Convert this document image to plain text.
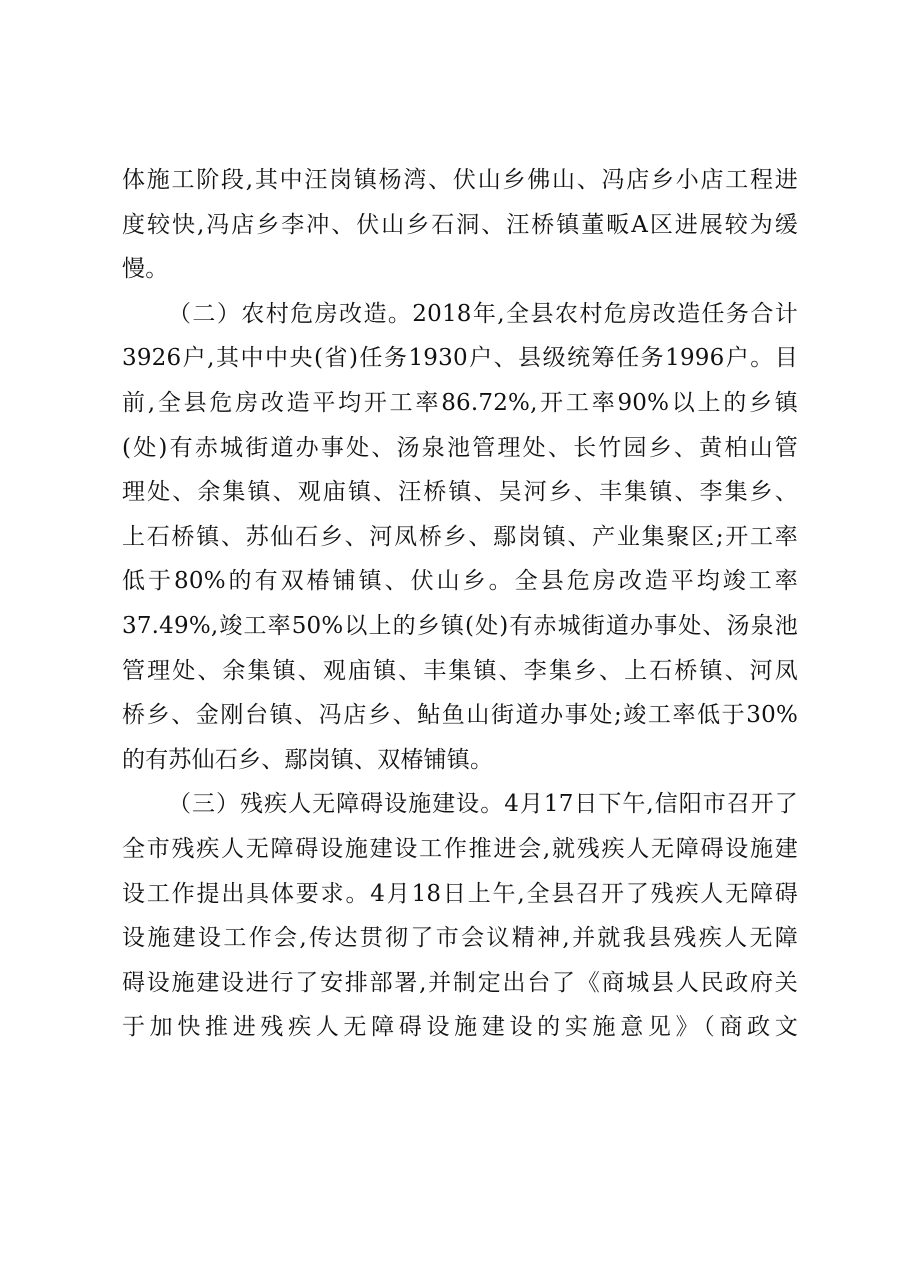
体施工阶段,其中汪岗镇杨湾、伏山乡佛山、冯店乡小店工程进
度较快,冯店乡李冲、伏山乡石洞、汪桥镇董畈A区进展较为缓
慢。
（二）农村危房改造。2018年,全县农村危房改造任务合计
3926户,其中中央(省)任务1930户、县级统筹任务1996户。目
前,全县危房改造平均开工率86.72%,开工率90%以上的乡镇
(处)有赤城街道办事处、汤泉池管理处、长竹园乡、黄柏山管
理处、余集镇、观庙镇、汪桥镇、吴河乡、丰集镇、李集乡、
上石桥镇、苏仙石乡、河凤桥乡、鄢岗镇、产业集聚区;开工率
低于80%的有双椿铺镇、伏山乡。全县危房改造平均竣工率
37.49%,竣工率50%以上的乡镇(处)有赤城街道办事处、汤泉池
管理处、余集镇、观庙镇、丰集镇、李集乡、上石桥镇、河凤
桥乡、金刚台镇、冯店乡、鲇鱼山街道办事处;竣工率低于30%
的有苏仙石乡、鄢岗镇、双椿铺镇。
（三）残疾人无障碍设施建设。4月17日下午,信阳市召开了
全市残疾人无障碍设施建设工作推进会,就残疾人无障碍设施建
设工作提出具体要求。4月18日上午,全县召开了残疾人无障碍
设施建设工作会,传达贯彻了市会议精神,并就我县残疾人无障
碍设施建设进行了安排部署,并制定出台了《商城县人民政府关
于加快推进残疾人无障碍设施建设的实施意见》（商政文
